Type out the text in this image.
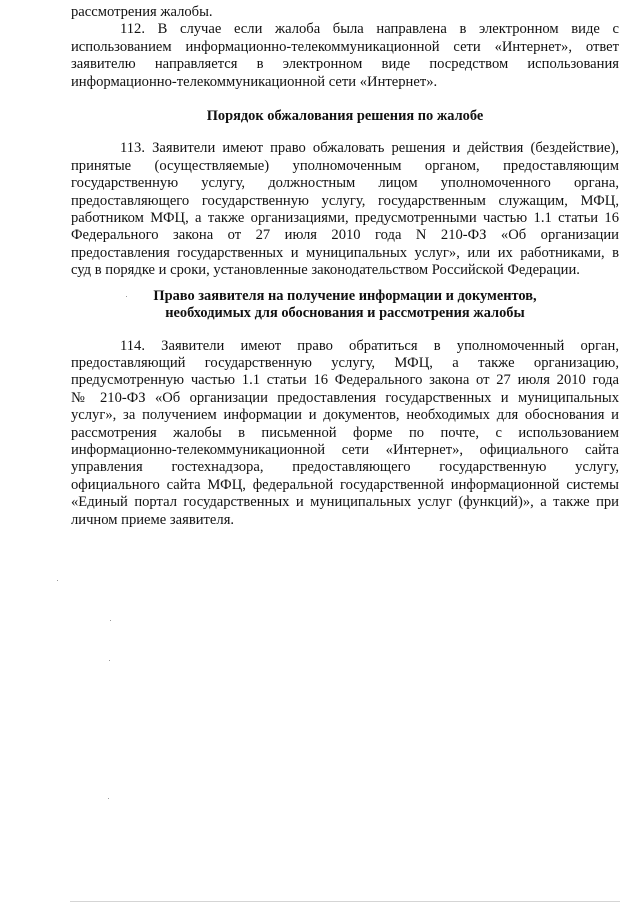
рассмотрения жалобы.

112. В случае если жалоба была направлена в электронном виде с
использованием информационно-телекоммуникационной сети «Интернет», ответ
заявителю направляется в электронном виде посредством использования
информационно-телекоммуникационной сети «Интернет».

Порядок обжалования решения по жалобе

113. Заявители имеют право обжаловать решения и действия (бездействие),
принятые (осуществляемые) уполномоченным органом, предоставляющим
государственную услугу, должностным лицом уполномоченного органа,
предоставляющего государственную услугу, государственным служащим, МФЦ,
работником МФЦ, а также организациями, предусмотренными частью 1.1 статьи 16
Федерального закона от 27 июля 2010 года N 210-ФЗ «Об организации
предоставления государственных и муниципальных услуг», или их работниками, в
суд в порядке и сроки, установленные законодательством Российской Федерации.

Право заявителя на получение информации и документов,
необходимых для обоснования и рассмотрения жалобы

114. Заявители имеют право обратиться в уполномоченный орган,
предоставляющий государственную услугу, МФЦ, а также организацию,
предусмотренную частью 1.1 статьи 16 Федерального закона от 27 июля 2010 года
№ 210-ФЗ «Об организации предоставления государственных и муниципальных
услуг», за получением информации и документов, необходимых для обоснования и
рассмотрения жалобы в письменной форме по почте, с использованием
информационно-телекоммуникационной сети «Интернет», официального сайта
управления гостехнадзора, предоставляющего государственную услугу,
официального сайта МФЦ, федеральной государственной информационной системы
«Единый портал государственных и муниципальных услуг (функций)», а также при
личном приеме заявителя.
